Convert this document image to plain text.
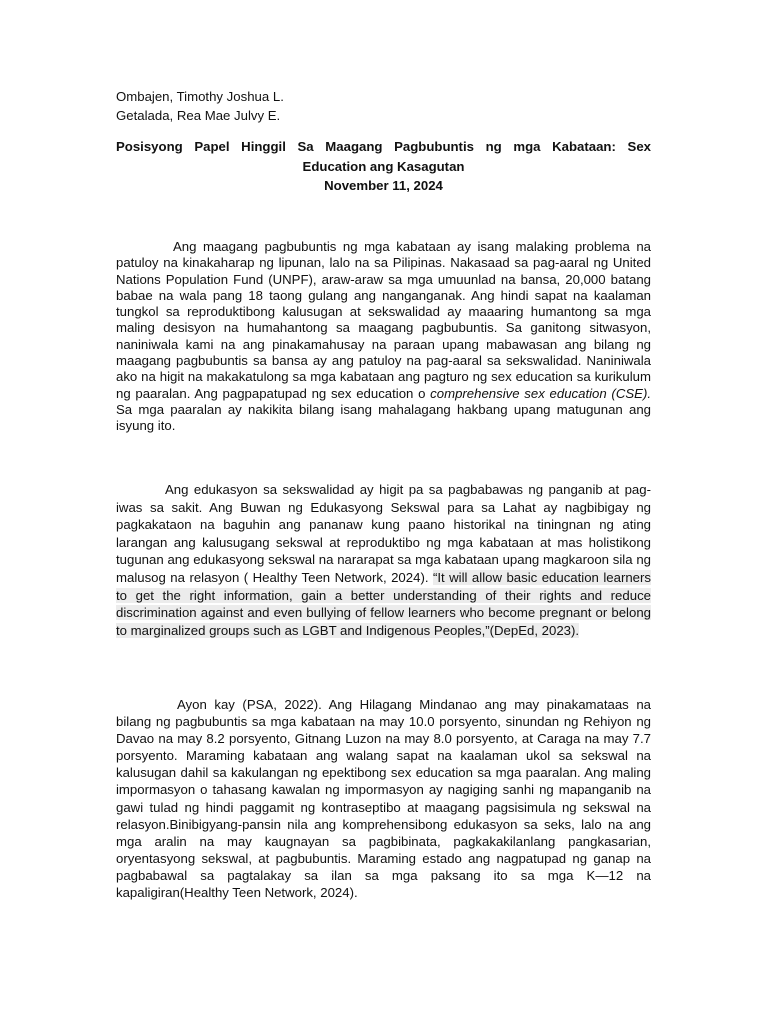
Ombajen, Timothy Joshua L.
Getalada, Rea Mae Julvy E.
Posisyong Papel Hinggil Sa Maagang Pagbubuntis ng mga Kabataan: Sex
Education ang Kasagutan
November 11, 2024

Ang maagang pagbubuntis ng mga kabataan ay isang malaking problema na patuloy na kinakaharap ng lipunan, lalo na sa Pilipinas. Nakasaad sa pag-aaral ng United Nations Population Fund (UNPF), araw-araw sa mga umuunlad na bansa, 20,000 batang babae na wala pang 18 taong gulang ang nanganganak. Ang hindi sapat na kaalaman tungkol sa reproduktibong kalusugan at sekswalidad ay maaaring humantong sa mga maling desisyon na humahantong sa maagang pagbubuntis. Sa ganitong sitwasyon, naniniwala kami na ang pinakamahusay na paraan upang mabawasan ang bilang ng maagang pagbubuntis sa bansa ay ang patuloy na pag-aaral sa sekswalidad. Naniniwala ako na higit na makakatulong sa mga kabataan ang pagturo ng sex education sa kurikulum ng paaralan. Ang pagpapatupad ng sex education o comprehensive sex education (CSE). Sa mga paaralan ay nakikita bilang isang mahalagang hakbang upang matugunan ang isyung ito.

Ang edukasyon sa sekswalidad ay higit pa sa pagbabawas ng panganib at pag-iwas sa sakit. Ang Buwan ng Edukasyong Sekswal para sa Lahat ay nagbibigay ng pagkakataon na baguhin ang pananaw kung paano historikal na tiningnan ng ating larangan ang kalusugang sekswal at reproduktibo ng mga kabataan at mas holistikong tugunan ang edukasyong sekswal na nararapat sa mga kabataan upang magkaroon sila ng malusog na relasyon ( Healthy Teen Network, 2024). “It will allow basic education learners to get the right information, gain a better understanding of their rights and reduce discrimination against and even bullying of fellow learners who become pregnant or belong to marginalized groups such as LGBT and Indigenous Peoples,”(DepEd, 2023).

Ayon kay (PSA, 2022). Ang Hilagang Mindanao ang may pinakamataas na bilang ng pagbubuntis sa mga kabataan na may 10.0 porsyento, sinundan ng Rehiyon ng Davao na may 8.2 porsyento, Gitnang Luzon na may 8.0 porsyento, at Caraga na may 7.7 porsyento. Maraming kabataan ang walang sapat na kaalaman ukol sa sekswal na kalusugan dahil sa kakulangan ng epektibong sex education sa mga paaralan. Ang maling impormasyon o tahasang kawalan ng impormasyon ay nagiging sanhi ng mapanganib na gawi tulad ng hindi paggamit ng kontraseptibo at maagang pagsisimula ng sekswal na relasyon.Binibigyang-pansin nila ang komprehensibong edukasyon sa seks, lalo na ang mga aralin na may kaugnayan sa pagbibinata, pagkakakilanlang pangkasarian, oryentasyong sekswal, at pagbubuntis. Maraming estado ang nagpatupad ng ganap na pagbabawal sa pagtalakay sa ilan sa mga paksang ito sa mga K—12 na kapaligiran(Healthy Teen Network, 2024).
